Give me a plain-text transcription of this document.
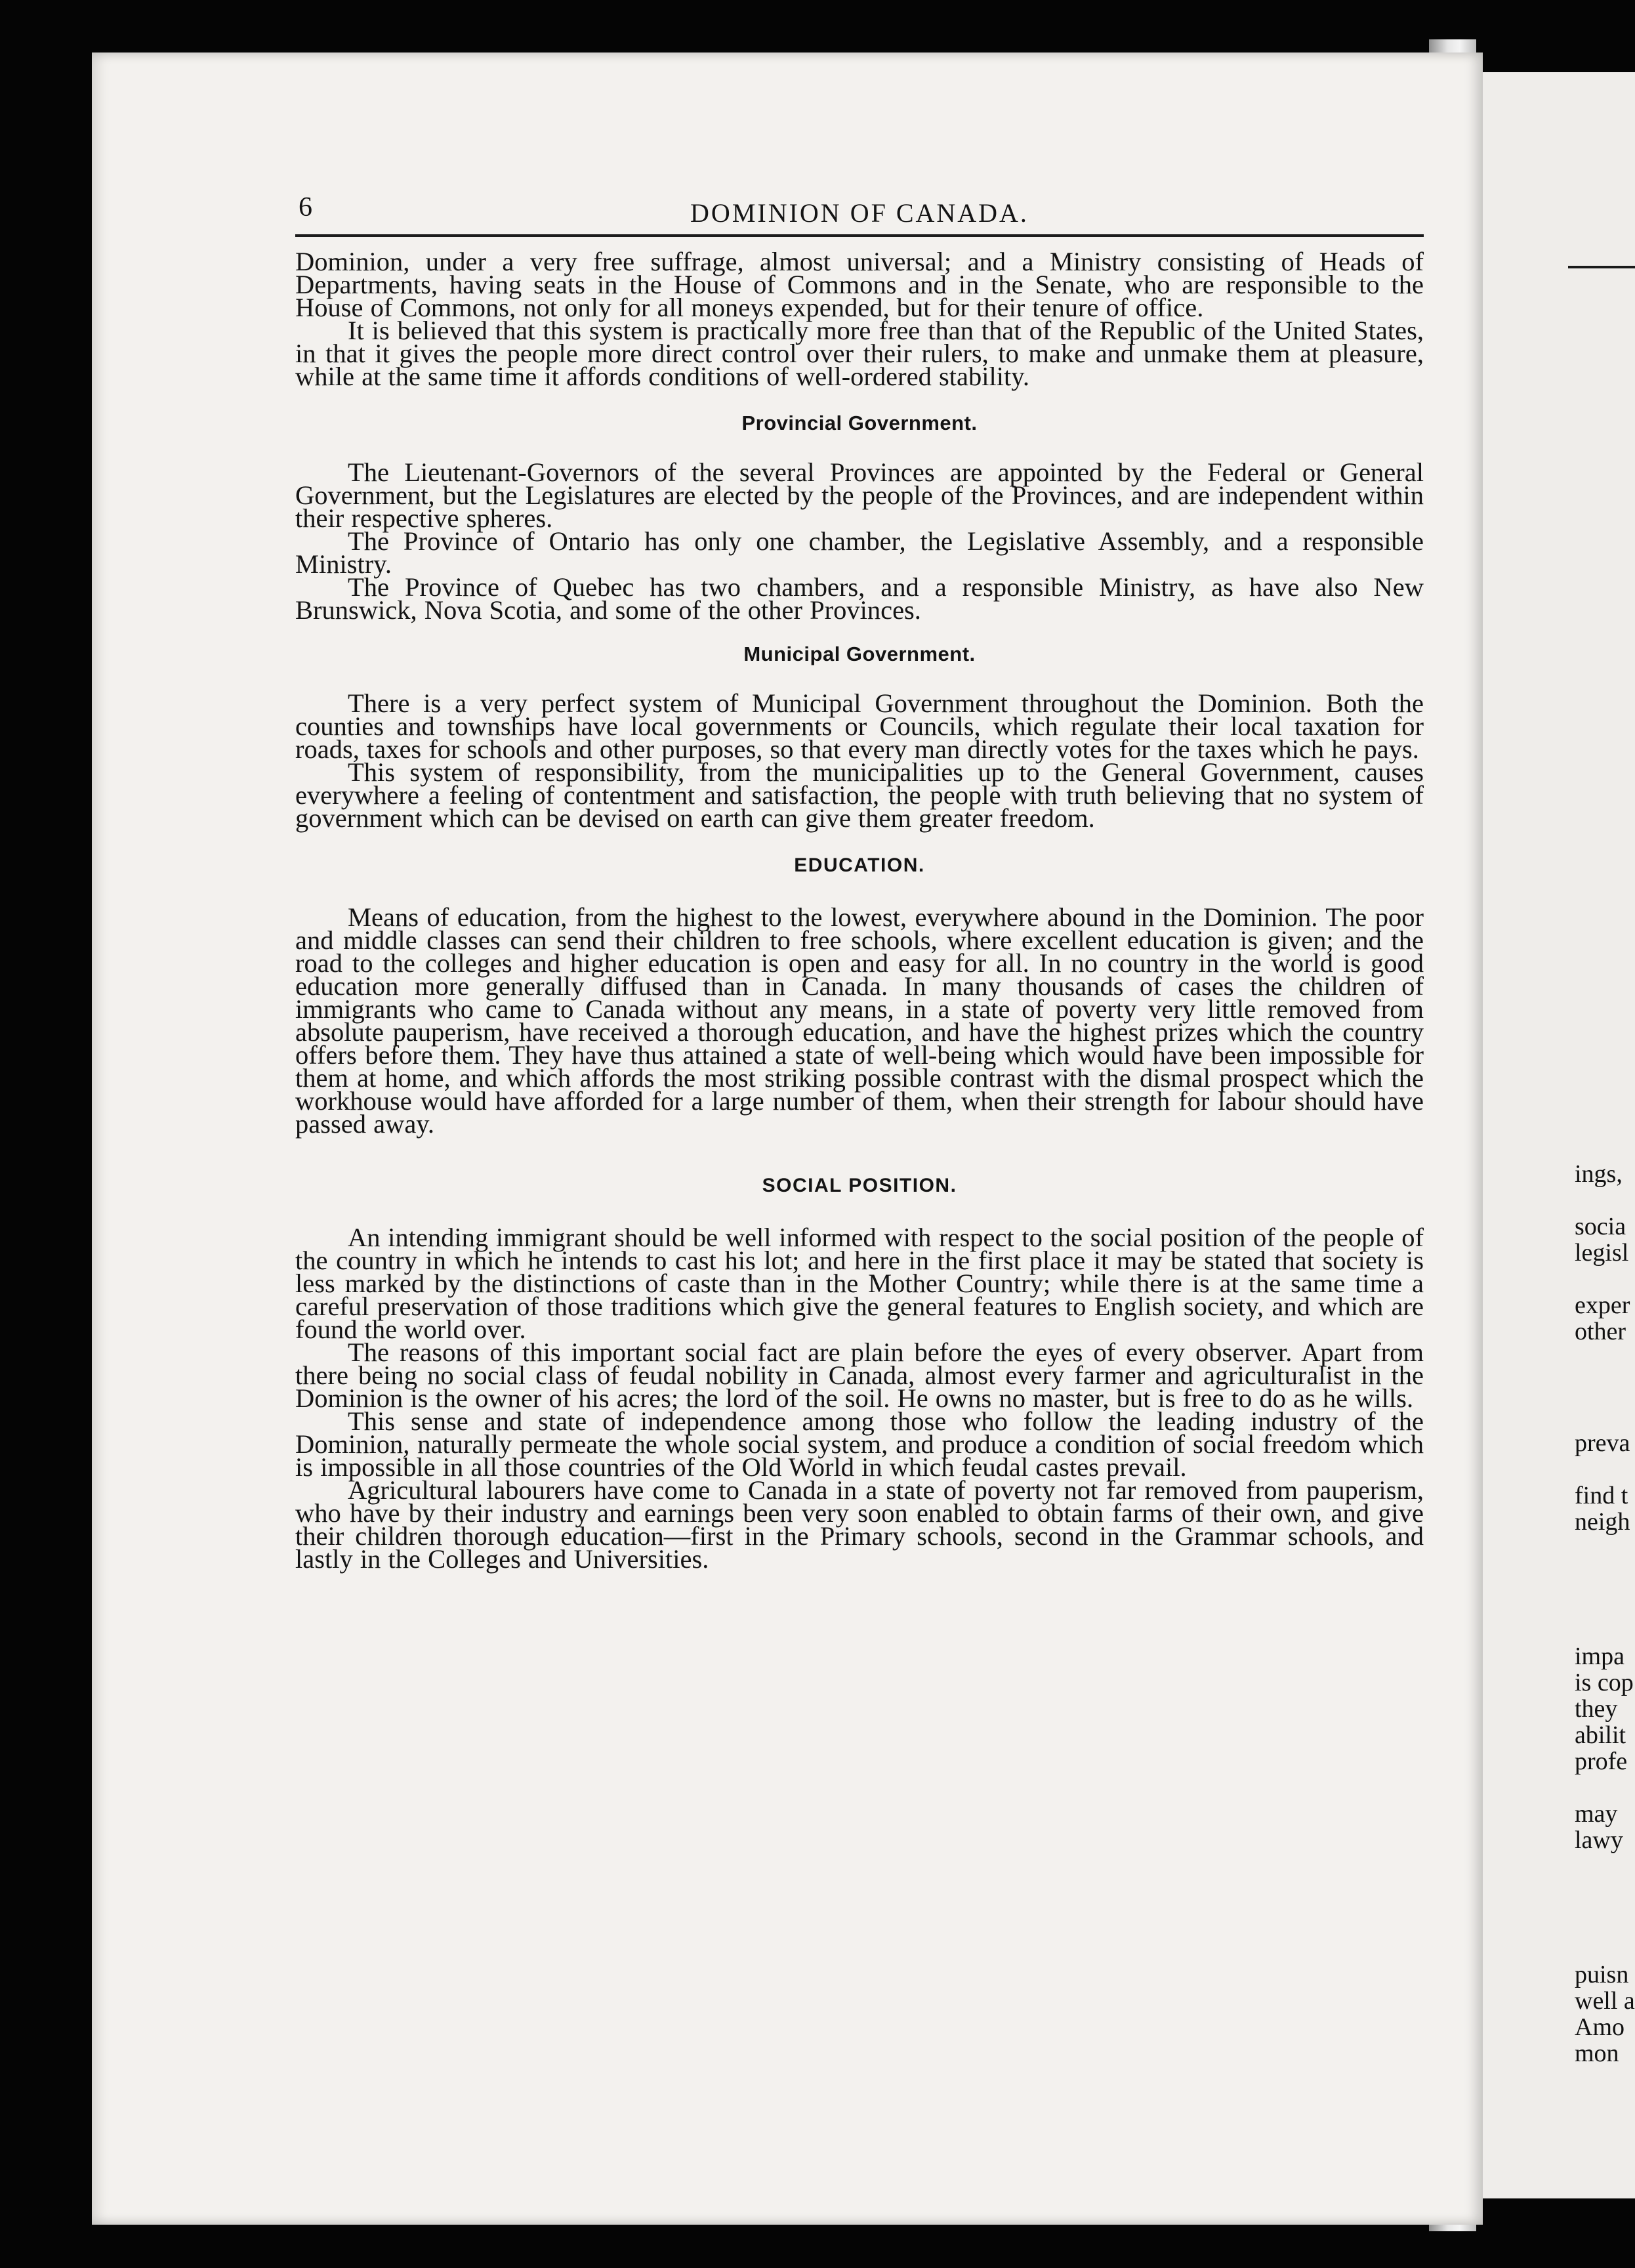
ings,
socia
legisl
exper
other
preva
find t
neigh
impa
is cop
they
abilit
profe
may
lawy
puisn
well a
Amo
mon
6	DOMINION OF CANADA.

Dominion, under a very free suffrage, almost universal; and a Ministry consisting of Heads of Departments, having seats in the House of Commons and in the Senate, who are responsible to the House of Commons, not only for all moneys expended, but for their tenure of office.

It is believed that this system is practically more free than that of the Republic of the United States, in that it gives the people more direct control over their rulers, to make and unmake them at pleasure, while at the same time it affords conditions of well-ordered stability.

Provincial Government.

The Lieutenant-Governors of the several Provinces are appointed by the Federal or General Government, but the Legislatures are elected by the people of the Provinces, and are independent within their respective spheres.

The Province of Ontario has only one chamber, the Legislative Assembly, and a responsible Ministry.

The Province of Quebec has two chambers, and a responsible Ministry, as have also New Brunswick, Nova Scotia, and some of the other Provinces.

Municipal Government.

There is a very perfect system of Municipal Government throughout the Dominion. Both the counties and townships have local governments or Councils, which regulate their local taxation for roads, taxes for schools and other purposes, so that every man directly votes for the taxes which he pays.

This system of responsibility, from the municipalities up to the General Government, causes everywhere a feeling of contentment and satisfaction, the people with truth believing that no system of government which can be devised on earth can give them greater freedom.

EDUCATION.

Means of education, from the highest to the lowest, everywhere abound in the Dominion. The poor and middle classes can send their children to free schools, where excellent education is given; and the road to the colleges and higher education is open and easy for all. In no country in the world is good education more generally diffused than in Canada. In many thousands of cases the children of immigrants who came to Canada without any means, in a state of poverty very little removed from absolute pauperism, have received a thorough education, and have the highest prizes which the country offers before them. They have thus attained a state of well-being which would have been impossible for them at home, and which affords the most striking possible contrast with the dismal prospect which the workhouse would have afforded for a large number of them, when their strength for labour should have passed away.

SOCIAL POSITION.

An intending immigrant should be well informed with respect to the social position of the people of the country in which he intends to cast his lot; and here in the first place it may be stated that society is less marked by the distinctions of caste than in the Mother Country; while there is at the same time a careful preservation of those traditions which give the general features to English society, and which are found the world over.

The reasons of this important social fact are plain before the eyes of every observer. Apart from there being no social class of feudal nobility in Canada, almost every farmer and agriculturalist in the Dominion is the owner of his acres; the lord of the soil. He owns no master, but is free to do as he wills.

This sense and state of independence among those who follow the leading industry of the Dominion, naturally permeate the whole social system, and produce a condition of social freedom which is impossible in all those countries of the Old World in which feudal castes prevail.

Agricultural labourers have come to Canada in a state of poverty not far removed from pauperism, who have by their industry and earnings been very soon enabled to obtain farms of their own, and give their children thorough education—first in the Primary schools, second in the Grammar schools, and lastly in the Colleges and Universities.
